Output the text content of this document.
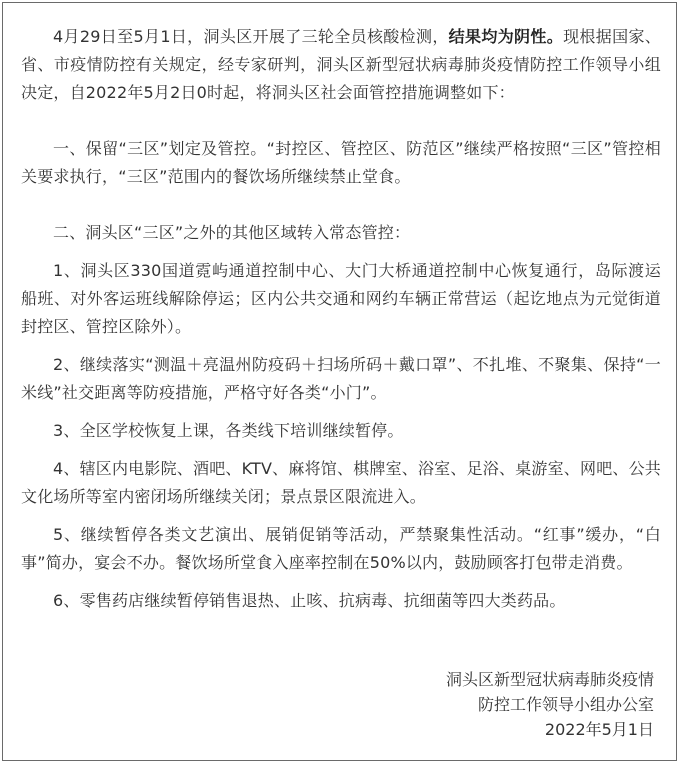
4月29日至5月1日，洞头区开展了三轮全员核酸检测，结果均为阴性。现根据国家、省、市疫情防控有关规定，经专家研判，洞头区新型冠状病毒肺炎疫情防控工作领导小组决定，自2022年5月2日0时起，将洞头区社会面管控措施调整如下：

一、保留“三区”划定及管控。“封控区、管控区、防范区”继续严格按照“三区”管控相关要求执行，“三区”范围内的餐饮场所继续禁止堂食。

二、洞头区“三区”之外的其他区域转入常态管控：

1、洞头区330国道霓屿通道控制中心、大门大桥通道控制中心恢复通行，岛际渡运船班、对外客运班线解除停运；区内公共交通和网约车辆正常营运（起讫地点为元觉街道封控区、管控区除外）。

2、继续落实“测温＋亮温州防疫码＋扫场所码＋戴口罩”、不扎堆、不聚集、保持“一米线”社交距离等防疫措施，严格守好各类“小门”。

3、全区学校恢复上课，各类线下培训继续暂停。

4、辖区内电影院、酒吧、KTV、麻将馆、棋牌室、浴室、足浴、桌游室、网吧、公共文化场所等室内密闭场所继续关闭；景点景区限流进入。

5、继续暂停各类文艺演出、展销促销等活动，严禁聚集性活动。“红事”缓办，“白事”简办，宴会不办。餐饮场所堂食入座率控制在50%以内，鼓励顾客打包带走消费。

6、零售药店继续暂停销售退热、止咳、抗病毒、抗细菌等四大类药品。

洞头区新型冠状病毒肺炎疫情
防控工作领导小组办公室
2022年5月1日
